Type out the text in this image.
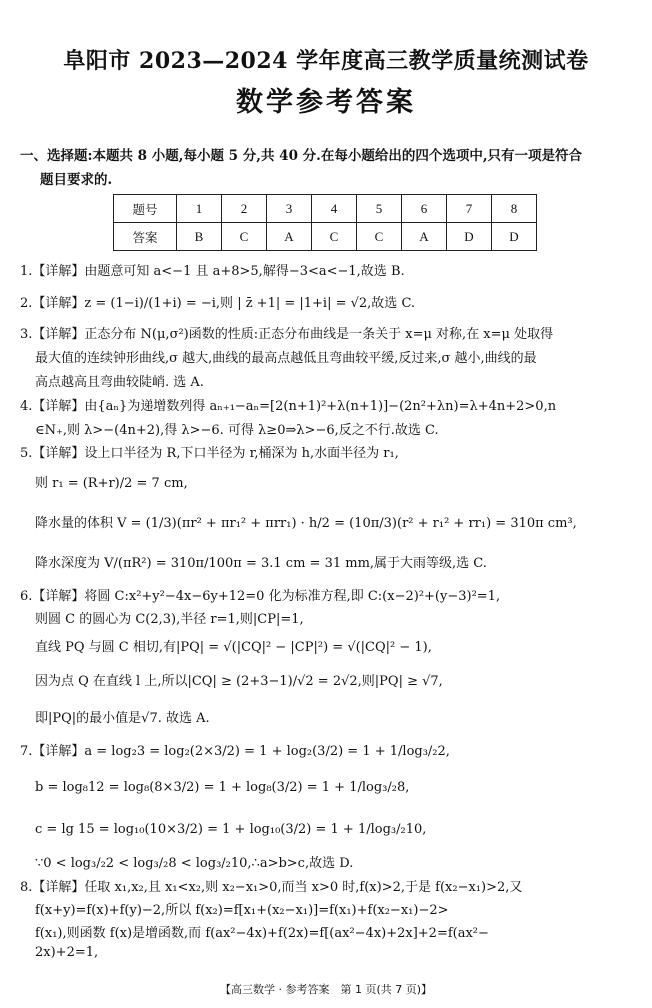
阜阳市 2023—2024 学年度高三教学质量统测试卷
数学参考答案
一、选择题:本题共 8 小题,每小题 5 分,共 40 分.在每小题给出的四个选项中,只有一项是符合
题目要求的.
题号	1	2	3	4	5	6	7	8
答案	B	C	A	C	C	A	D	D
1.【详解】由题意可知 a<−1 且 a+8>5,解得−3<a<−1,故选 B.
2.【详解】z = (1−i)/(1+i) = −i,则 | z̄ +1| = |1+i| = √2,故选 C.
3.【详解】正态分布 N(μ,σ²)函数的性质:正态分布曲线是一条关于 x=μ 对称,在 x=μ 处取得
最大值的连续钟形曲线,σ 越大,曲线的最高点越低且弯曲较平缓,反过来,σ 越小,曲线的最
高点越高且弯曲较陡峭. 选 A.
4.【详解】由{aₙ}为递增数列得 aₙ₊₁−aₙ=[2(n+1)²+λ(n+1)]−(2n²+λn)=λ+4n+2>0,n
∈N₊,则 λ>−(4n+2),得 λ>−6. 可得 λ≥0⇒λ>−6,反之不行.故选 C.
5.【详解】设上口半径为 R,下口半径为 r,桶深为 h,水面半径为 r₁,
则 r₁ = (R+r)/2 = 7 cm,
降水量的体积 V = (1/3)(πr² + πr₁² + πrr₁) · h/2 = (10π/3)(r² + r₁² + rr₁) = 310π cm³,
降水深度为 V/(πR²) = 310π/100π = 3.1 cm = 31 mm,属于大雨等级,选 C.
6.【详解】将圆 C:x²+y²−4x−6y+12=0 化为标准方程,即 C:(x−2)²+(y−3)²=1,
则圆 C 的圆心为 C(2,3),半径 r=1,则|CP|=1,
直线 PQ 与圆 C 相切,有|PQ| = √(|CQ|² − |CP|²) = √(|CQ|² − 1),
因为点 Q 在直线 l 上,所以|CQ| ≥ (2+3−1)/√2 = 2√2,则|PQ| ≥ √7,
即|PQ|的最小值是√7. 故选 A.
7.【详解】a = log₂3 = log₂(2×3/2) = 1 + log₂(3/2) = 1 + 1/log₃/₂2,
b = log₈12 = log₈(8×3/2) = 1 + log₈(3/2) = 1 + 1/log₃/₂8,
c = lg 15 = log₁₀(10×3/2) = 1 + log₁₀(3/2) = 1 + 1/log₃/₂10,
∵0 < log₃/₂2 < log₃/₂8 < log₃/₂10,∴a>b>c,故选 D.
8.【详解】任取 x₁,x₂,且 x₁<x₂,则 x₂−x₁>0,而当 x>0 时,f(x)>2,于是 f(x₂−x₁)>2,又
f(x+y)=f(x)+f(y)−2,所以 f(x₂)=f[x₁+(x₂−x₁)]=f(x₁)+f(x₂−x₁)−2>
f(x₁),则函数 f(x)是增函数,而 f(ax²−4x)+f(2x)=f[(ax²−4x)+2x]+2=f(ax²−
2x)+2=1,
【高三数学 · 参考答案　第 1 页(共 7 页)】
